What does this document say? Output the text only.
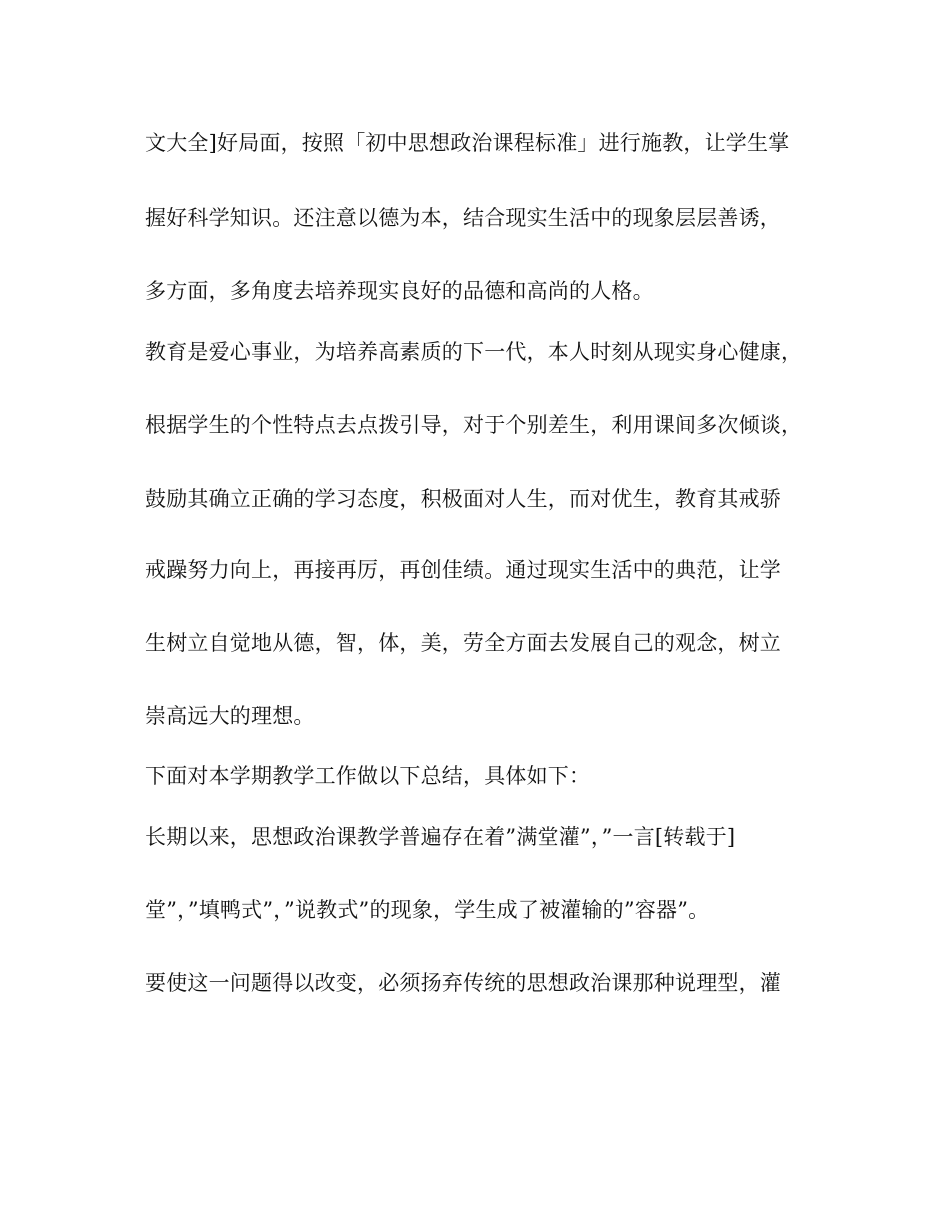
文大全]好局面，按照「初中思想政治课程标准」进行施教，让学生掌
握好科学知识。还注意以德为本，结合现实生活中的现象层层善诱，
多方面，多角度去培养现实良好的品德和高尚的人格。
教育是爱心事业，为培养高素质的下一代，本人时刻从现实身心健康，
根据学生的个性特点去点拨引导，对于个别差生，利用课间多次倾谈，
鼓励其确立正确的学习态度，积极面对人生，而对优生，教育其戒骄
戒躁努力向上，再接再厉，再创佳绩。通过现实生活中的典范，让学
生树立自觉地从德，智，体，美，劳全方面去发展自己的观念，树立
崇高远大的理想。
下面对本学期教学工作做以下总结，具体如下：
长期以来，思想政治课教学普遍存在着”满堂灌”，”一言[转载于]
堂”，”填鸭式”，”说教式”的现象，学生成了被灌输的”容器”。
要使这一问题得以改变，必须扬弃传统的思想政治课那种说理型，灌
